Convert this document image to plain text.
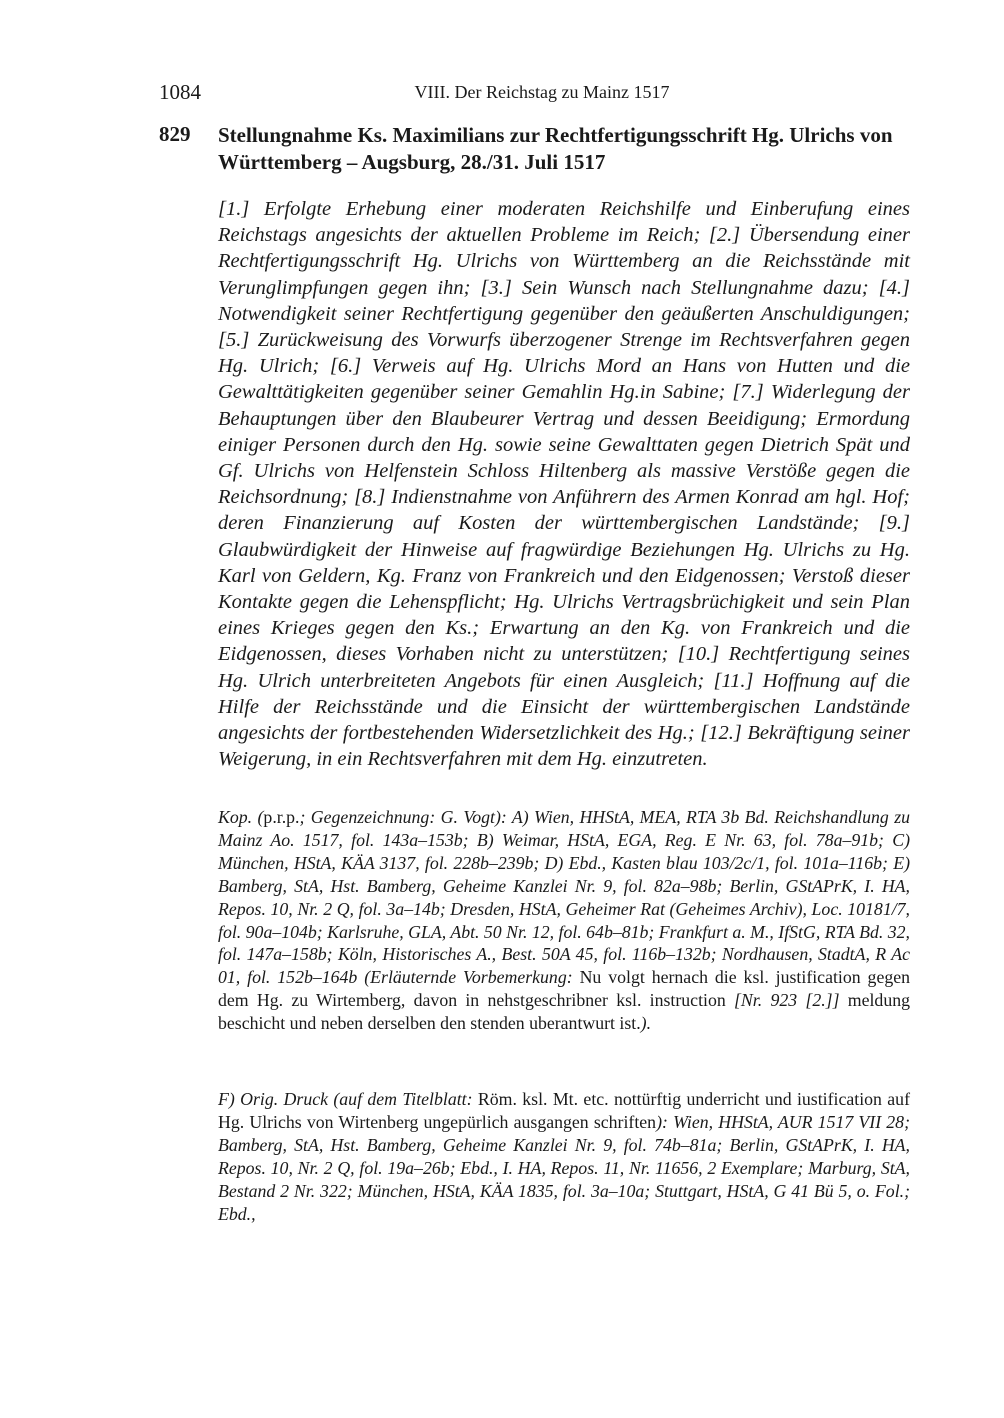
1084	VIII. Der Reichstag zu Mainz 1517
829 Stellungnahme Ks. Maximilians zur Rechtfertigungsschrift Hg. Ulrichs von Württemberg – Augsburg, 28./31. Juli 1517
[1.] Erfolgte Erhebung einer moderaten Reichshilfe und Einberufung eines Reichstags angesichts der aktuellen Probleme im Reich; [2.] Übersendung einer Rechtfertigungsschrift Hg. Ulrichs von Württemberg an die Reichsstände mit Verunglimpfungen gegen ihn; [3.] Sein Wunsch nach Stellungnahme dazu; [4.] Notwendigkeit seiner Rechtfertigung gegenüber den geäußerten Anschuldigungen; [5.] Zurückweisung des Vorwurfs überzogener Strenge im Rechtsverfahren gegen Hg. Ulrich; [6.] Verweis auf Hg. Ulrichs Mord an Hans von Hutten und die Gewalttätigkeiten gegenüber seiner Gemahlin Hg.in Sabine; [7.] Widerlegung der Behauptungen über den Blaubeurer Vertrag und dessen Beeidigung; Ermordung einiger Personen durch den Hg. sowie seine Gewalttaten gegen Dietrich Spät und Gf. Ulrichs von Helfenstein Schloss Hiltenberg als massive Verstöße gegen die Reichsordnung; [8.] Indienstnahme von Anführern des Armen Konrad am hgl. Hof; deren Finanzierung auf Kosten der württembergischen Landstände; [9.] Glaubwürdigkeit der Hinweise auf fragwürdige Beziehungen Hg. Ulrichs zu Hg. Karl von Geldern, Kg. Franz von Frankreich und den Eidgenossen; Verstoß dieser Kontakte gegen die Lehenspflicht; Hg. Ulrichs Vertragsbrüchigkeit und sein Plan eines Krieges gegen den Ks.; Erwartung an den Kg. von Frankreich und die Eidgenossen, dieses Vorhaben nicht zu unterstützen; [10.] Rechtfertigung seines Hg. Ulrich unterbreiteten Angebots für einen Ausgleich; [11.] Hoffnung auf die Hilfe der Reichsstände und die Einsicht der württembergischen Landstände angesichts der fortbestehenden Widersetzlichkeit des Hg.; [12.] Bekräftigung seiner Weigerung, in ein Rechtsverfahren mit dem Hg. einzutreten.
Kop. (p.r.p.; Gegenzeichnung: G. Vogt): A) Wien, HHStA, MEA, RTA 3b Bd. Reichshandlung zu Mainz Ao. 1517, fol. 143a–153b; B) Weimar, HStA, EGA, Reg. E Nr. 63, fol. 78a–91b; C) München, HStA, KÄA 3137, fol. 228b–239b; D) Ebd., Kasten blau 103/2c/1, fol. 101a–116b; E) Bamberg, StA, Hst. Bamberg, Geheime Kanzlei Nr. 9, fol. 82a–98b; Berlin, GStAPrK, I. HA, Repos. 10, Nr. 2 Q, fol. 3a–14b; Dresden, HStA, Geheimer Rat (Geheimes Archiv), Loc. 10181/7, fol. 90a–104b; Karlsruhe, GLA, Abt. 50 Nr. 12, fol. 64b–81b; Frankfurt a. M., IfStG, RTA Bd. 32, fol. 147a–158b; Köln, Historisches A., Best. 50A 45, fol. 116b–132b; Nordhausen, StadtA, R Ac 01, fol. 152b–164b (Erläuternde Vorbemerkung: Nu volgt hernach die ksl. justification gegen dem Hg. zu Wirtemberg, davon in nehstgeschribner ksl. instruction [Nr. 923 [2.]] meldung beschicht und neben derselben den stenden uberantwurt ist.).
F) Orig. Druck (auf dem Titelblatt: Röm. ksl. Mt. etc. nottürftig underricht und iustification auf Hg. Ulrichs von Wirtenberg ungepürlich ausgangen schriften): Wien, HHStA, AUR 1517 VII 28; Bamberg, StA, Hst. Bamberg, Geheime Kanzlei Nr. 9, fol. 74b–81a; Berlin, GStAPrK, I. HA, Repos. 10, Nr. 2 Q, fol. 19a–26b; Ebd., I. HA, Repos. 11, Nr. 11656, 2 Exemplare; Marburg, StA, Bestand 2 Nr. 322; München, HStA, KÄA 1835, fol. 3a–10a; Stuttgart, HStA, G 41 Bü 5, o. Fol.; Ebd.,
